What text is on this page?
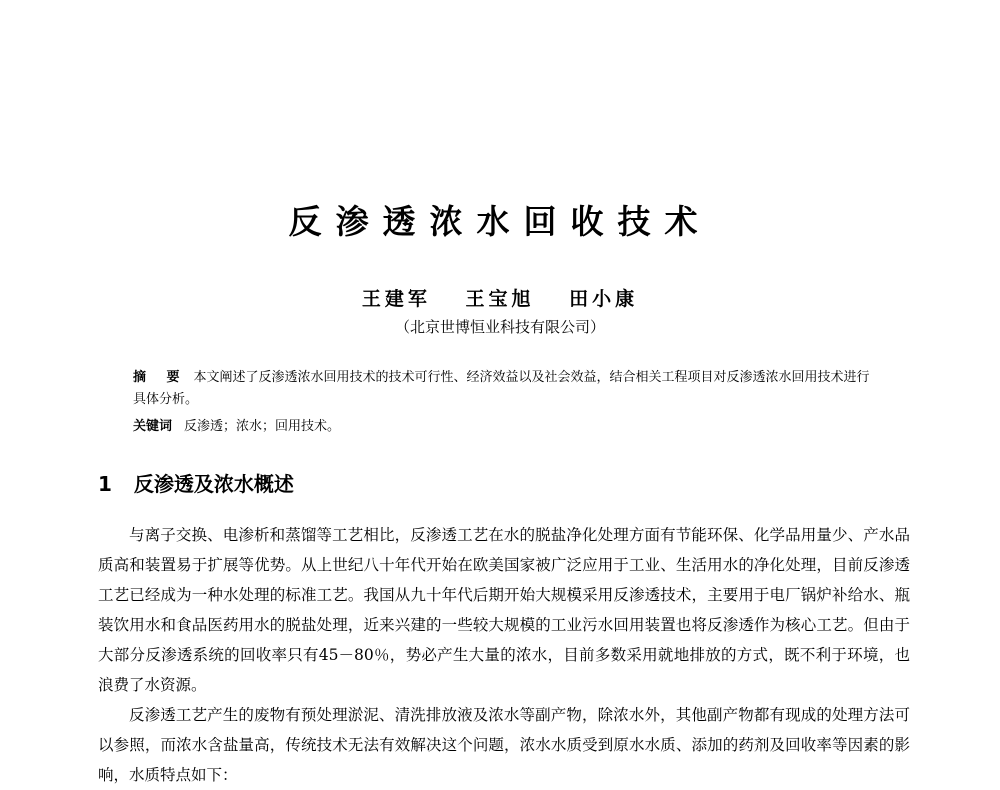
反渗透浓水回收技术
王建军 王宝旭 田小康
（北京世博恒业科技有限公司）
摘 要 本文阐述了反渗透浓水回用技术的技术可行性、经济效益以及社会效益，结合相关工程项目对反渗透浓水回用技术进行具体分析。
关键词 反渗透；浓水；回用技术。
1 反渗透及浓水概述

与离子交换、电渗析和蒸馏等工艺相比，反渗透工艺在水的脱盐净化处理方面有节能环保、化学品用量少、产水品质高和装置易于扩展等优势。从上世纪八十年代开始在欧美国家被广泛应用于工业、生活用水的净化处理，目前反渗透工艺已经成为一种水处理的标准工艺。我国从九十年代后期开始大规模采用反渗透技术，主要用于电厂锅炉补给水、瓶装饮用水和食品医药用水的脱盐处理，近来兴建的一些较大规模的工业污水回用装置也将反渗透作为核心工艺。但由于大部分反渗透系统的回收率只有45－80％，势必产生大量的浓水，目前多数采用就地排放的方式，既不利于环境，也浪费了水资源。

反渗透工艺产生的废物有预处理淤泥、清洗排放液及浓水等副产物，除浓水外，其他副产物都有现成的处理方法可以参照，而浓水含盐量高，传统技术无法有效解决这个问题，浓水水质受到原水水质、添加的药剂及回收率等因素的影响，水质特点如下：
